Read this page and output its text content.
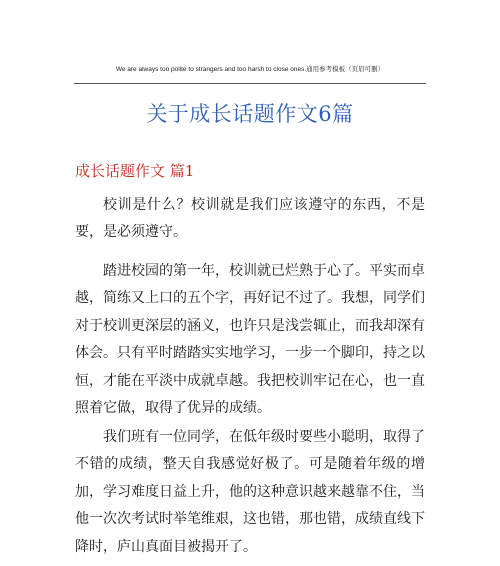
We are always too polite to strangers and too harsh to close ones.通用参考模板（页眉可删）
关于成长话题作文6篇
成长话题作文 篇1

校训是什么？校训就是我们应该遵守的东西，不是要，是必须遵守。

踏进校园的第一年，校训就已烂熟于心了。平实而卓越，简练又上口的五个字，再好记不过了。我想，同学们对于校训更深层的涵义，也许只是浅尝辄止，而我却深有体会。只有平时踏踏实实地学习，一步一个脚印，持之以恒，才能在平淡中成就卓越。我把校训牢记在心，也一直照着它做，取得了优异的成绩。

我们班有一位同学，在低年级时要些小聪明，取得了不错的成绩，整天自我感觉好极了。可是随着年级的增加，学习难度日益上升，他的这种意识越来越靠不住，当他一次次考试时举笔维艰，这也错，那也错，成绩直线下降时，庐山真面目被揭开了。
